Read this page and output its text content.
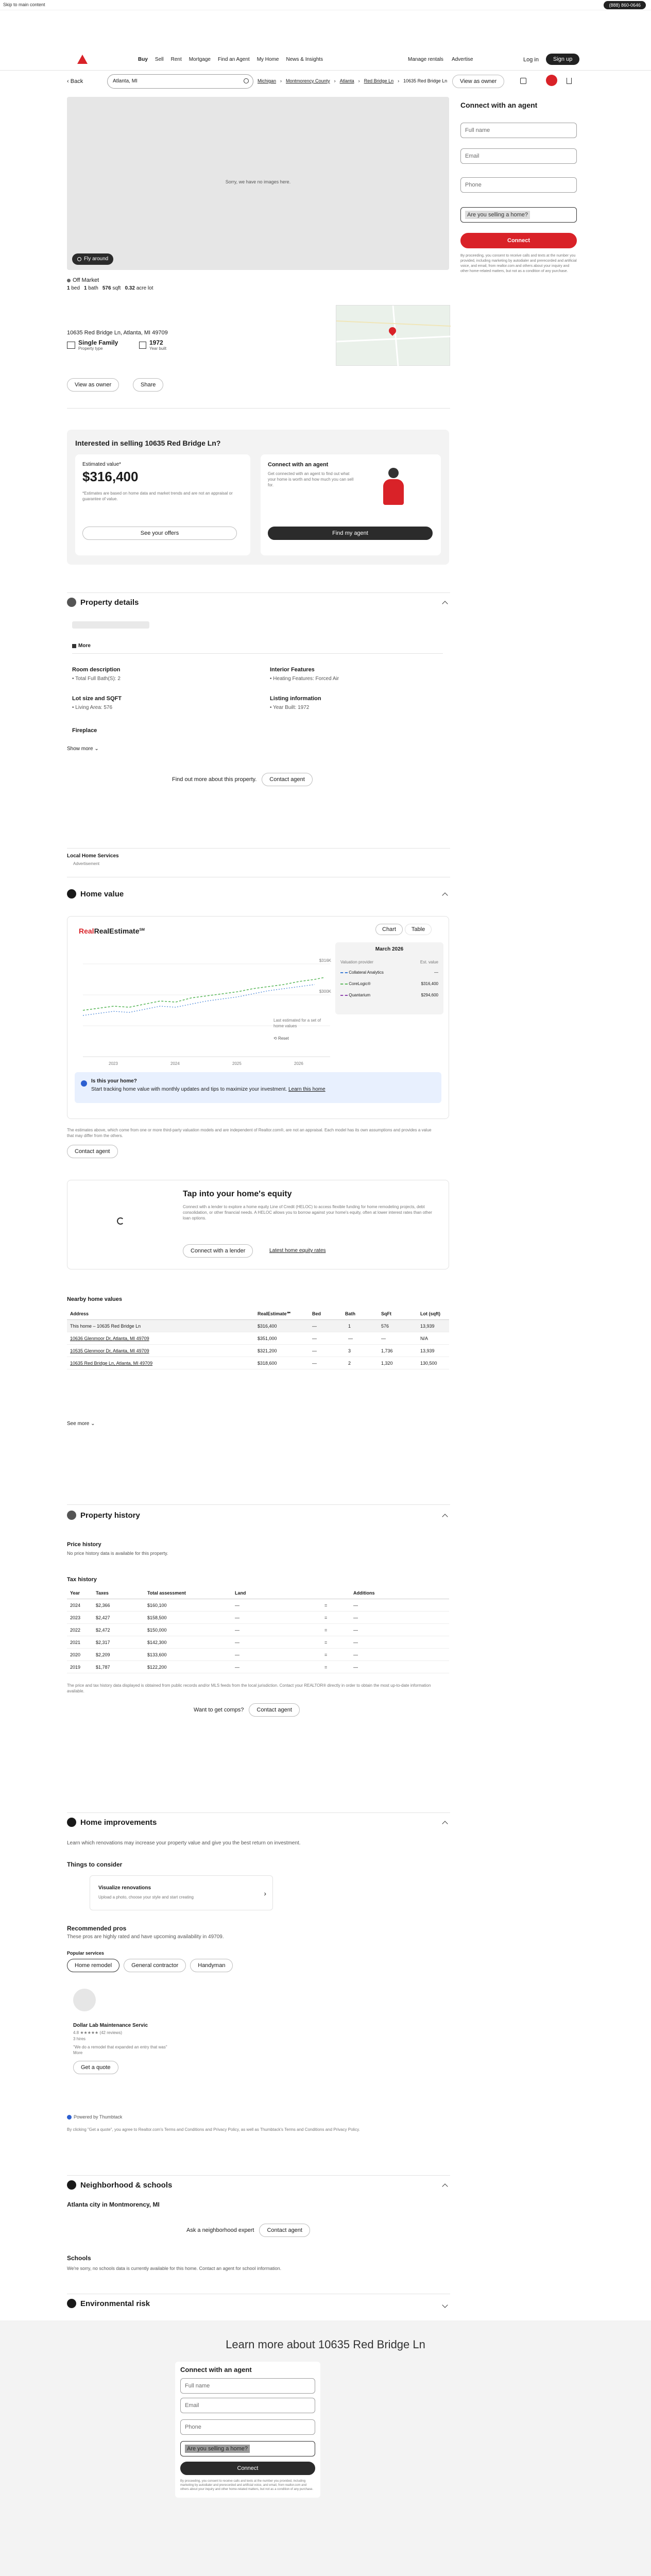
Skip to main content	(888) 860-0646
Buy Sell Rent Mortgage Find an Agent My Home News & Insights	Manage rentals Advertise	Log in	Sign up
‹ Back	Atlanta, MI	Michigan › Montmorency County › Atlanta › Red Bridge Ln › 10635 Red Bridge Ln	View as owner
Sorry, we have no images here.
Fly around
Connect with an agent
Full name
Email
Phone
Are you selling a home?
Connect
By proceeding, you consent to receive calls and texts at the number you provided, including marketing by autodialer and prerecorded and artificial voice, and email, from realtor.com and others about your inquiry and other home-related matters, but not as a condition of any purchase.
Off Market
1 bed 1 bath 576 sqft 0.32 acre lot
10635 Red Bridge Ln, Atlanta, MI 49709
Single Family
Property type
1972
Year built
View as owner	Share
Interested in selling 10635 Red Bridge Ln?
Estimated value*
$316,400
*Estimates are based on home data and market trends and are not an appraisal or guarantee of value.
See your offers
Connect with an agent
Get connected with an agent to find out what your home is worth and how much you can sell for.
Find my agent
Property details
More
Room description
• Total Full Bath(S): 2
Interior Features
• Heating Features: Forced Air
Lot size and SQFT
• Living Area: 576
Listing information
• Year Built: 1972
Fireplace
Show more ⌄
Find out more about this property.	Contact agent
Local Home Services
Advertisement
Home value
RealRealEstimate℠	Chart	Table
$316K
$300K
2023	2024	2025	2026
Last estimated for a set of home values
⟲ Reset
March 2026
Valuation provider	Est. value
Collateral Analytics	—
CoreLogic®	$316,400
Quantarium	$294,600
Is this your home?
Start tracking home value with monthly updates and tips to maximize your investment. Learn this home
The estimates above, which come from one or more third-party valuation models and are independent of Realtor.com®, are not an appraisal. Each model has its own assumptions and provides a value that may differ from the others.
Contact agent
Tap into your home's equity
Connect with a lender to explore a home equity Line of Credit (HELOC) to access flexible funding for home remodeling projects, debt consolidation, or other financial needs. A HELOC allows you to borrow against your home's equity, often at lower interest rates than other loan options.
Connect with a lender	Latest home equity rates
Nearby home values
Address	RealEstimate℠	Bed	Bath	SqFt	Lot (sqft)
This home – 10635 Red Bridge Ln	$316,400	—	1	576	13,939
10636 Glenmoor Dr, Atlanta, MI 49709	$351,000	—	—	—	N/A
10535 Glenmoor Dr, Atlanta, MI 49709	$321,200	—	3	1,736	13,939
10635 Red Bridge Ln, Atlanta, MI 49709	$318,600	—	2	1,320	130,500
See more ⌄
Property history
Price history
No price history data is available for this property.
Tax history
Year	Taxes	Total assessment	Land	Additions
2024	$2,366	$160,100	—	=	—
2023	$2,427	$158,500	—	=	—
2022	$2,472	$150,000	—	=	—
2021	$2,317	$142,300	—	=	—
2020	$2,209	$133,600	—	=	—
2019	$1,787	$122,200	—	=	—
The price and tax history data displayed is obtained from public records and/or MLS feeds from the local jurisdiction. Contact your REALTOR® directly in order to obtain the most up-to-date information available.
Want to get comps?	Contact agent
Home improvements
Learn which renovations may increase your property value and give you the best return on investment.
Things to consider
Visualize renovations
Upload a photo, choose your style and start creating	›
Recommended pros
These pros are highly rated and have upcoming availability in 49709.
Popular services
Home remodel	General contractor	Handyman
Dollar Lab Maintenance Servic
4.8 ★★★★★ (42 reviews)
3 hires
"We do a remodel that expanded an entry that was" More
Get a quote
Powered by Thumbtack
By clicking "Get a quote", you agree to Realtor.com's Terms and Conditions and Privacy Policy, as well as Thumbtack's Terms and Conditions and Privacy Policy.
Neighborhood & schools
Atlanta city in Montmorency, MI
Ask a neighborhood expert	Contact agent
Schools
We're sorry, no schools data is currently available for this home. Contact an agent for school information.
Environmental risk
Learn more about 10635 Red Bridge Ln
Connect with an agent
Full name
Email
Phone
Are you selling a home?
Connect
By proceeding, you consent to receive calls and texts at the number you provided, including marketing by autodialer and prerecorded and artificial voice, and email, from realtor.com and others about your inquiry and other home-related matters, but not as a condition of any purchase.
